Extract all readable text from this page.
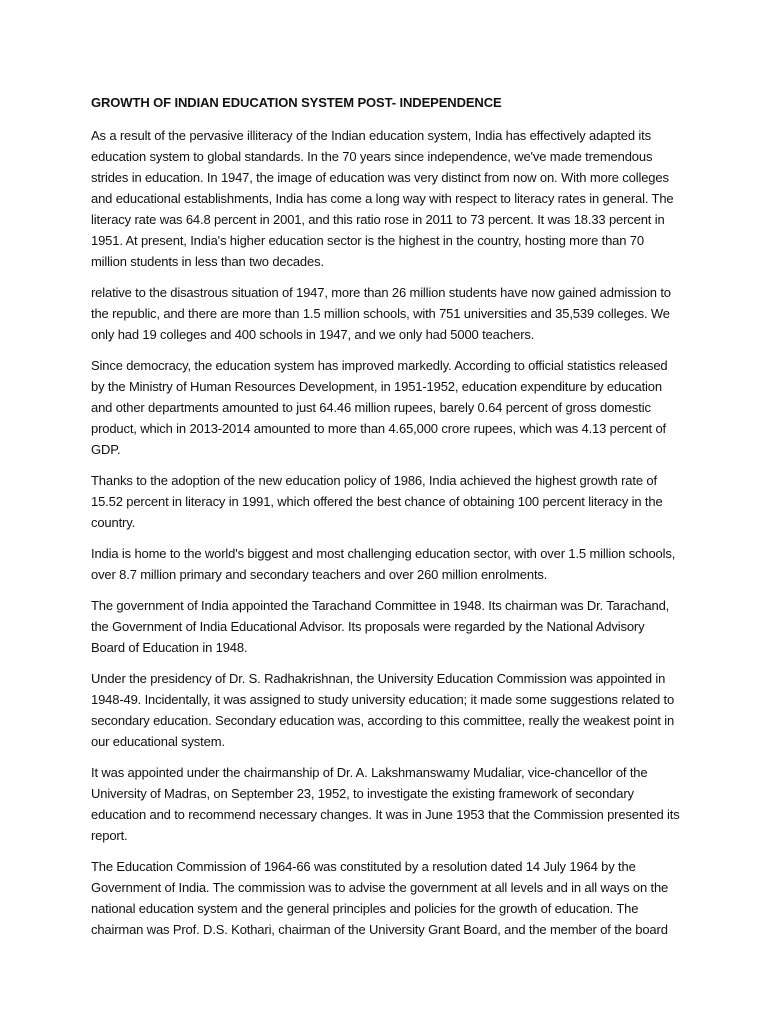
GROWTH OF INDIAN EDUCATION SYSTEM POST- INDEPENDENCE

As a result of the pervasive illiteracy of the Indian education system, India has effectively adapted its education system to global standards. In the 70 years since independence, we've made tremendous strides in education. In 1947, the image of education was very distinct from now on. With more colleges and educational establishments, India has come a long way with respect to literacy rates in general. The literacy rate was 64.8 percent in 2001, and this ratio rose in 2011 to 73 percent. It was 18.33 percent in 1951. At present, India's higher education sector is the highest in the country, hosting more than 70 million students in less than two decades.

relative to the disastrous situation of 1947, more than 26 million students have now gained admission to the republic, and there are more than 1.5 million schools, with 751 universities and 35,539 colleges. We only had 19 colleges and 400 schools in 1947, and we only had 5000 teachers.

Since democracy, the education system has improved markedly. According to official statistics released by the Ministry of Human Resources Development, in 1951-1952, education expenditure by education and other departments amounted to just 64.46 million rupees, barely 0.64 percent of gross domestic product, which in 2013-2014 amounted to more than 4.65,000 crore rupees, which was 4.13 percent of GDP.

Thanks to the adoption of the new education policy of 1986, India achieved the highest growth rate of 15.52 percent in literacy in 1991, which offered the best chance of obtaining 100 percent literacy in the country.

India is home to the world's biggest and most challenging education sector, with over 1.5 million schools, over 8.7 million primary and secondary teachers and over 260 million enrolments.

The government of India appointed the Tarachand Committee in 1948. Its chairman was Dr. Tarachand, the Government of India Educational Advisor. Its proposals were regarded by the National Advisory Board of Education in 1948.

Under the presidency of Dr. S. Radhakrishnan, the University Education Commission was appointed in 1948-49. Incidentally, it was assigned to study university education; it made some suggestions related to secondary education. Secondary education was, according to this committee, really the weakest point in our educational system.

It was appointed under the chairmanship of Dr. A. Lakshmanswamy Mudaliar, vice-chancellor of the University of Madras, on September 23, 1952, to investigate the existing framework of secondary education and to recommend necessary changes. It was in June 1953 that the Commission presented its report.

The Education Commission of 1964-66 was constituted by a resolution dated 14 July 1964 by the Government of India. The commission was to advise the government at all levels and in all ways on the national education system and the general principles and policies for the growth of education. The chairman was Prof. D.S. Kothari, chairman of the University Grant Board, and the member of the board
